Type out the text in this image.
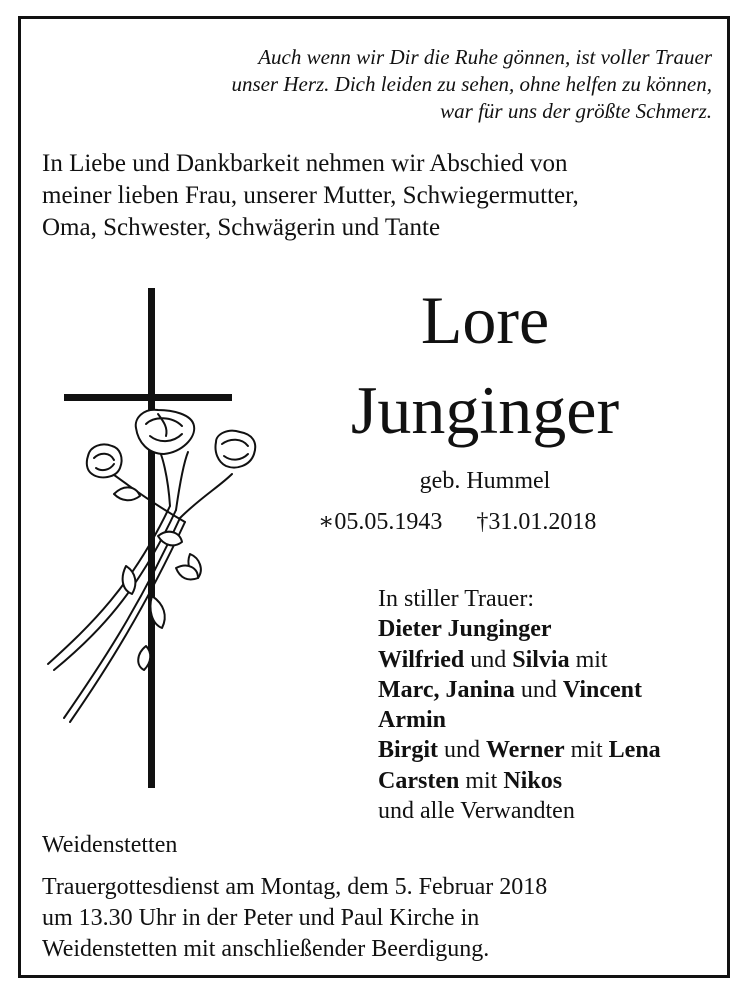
Auch wenn wir Dir die Ruhe gönnen, ist voller Trauer
unser Herz. Dich leiden zu sehen, ohne helfen zu können,
war für uns der größte Schmerz.
In Liebe und Dankbarkeit nehmen wir Abschied von
meiner lieben Frau, unserer Mutter, Schwiegermutter,
Oma, Schwester, Schwägerin und Tante
Lore
Junginger
geb. Hummel
∗05.05.1943 †31.01.2018
In stiller Trauer:
Dieter Junginger
Wilfried und Silvia mit
Marc, Janina und Vincent
Armin
Birgit und Werner mit Lena
Carsten mit Nikos
und alle Verwandten
Weidenstetten
Trauergottesdienst am Montag, dem 5. Februar 2018
um 13.30 Uhr in der Peter und Paul Kirche in
Weidenstetten mit anschließender Beerdigung.
